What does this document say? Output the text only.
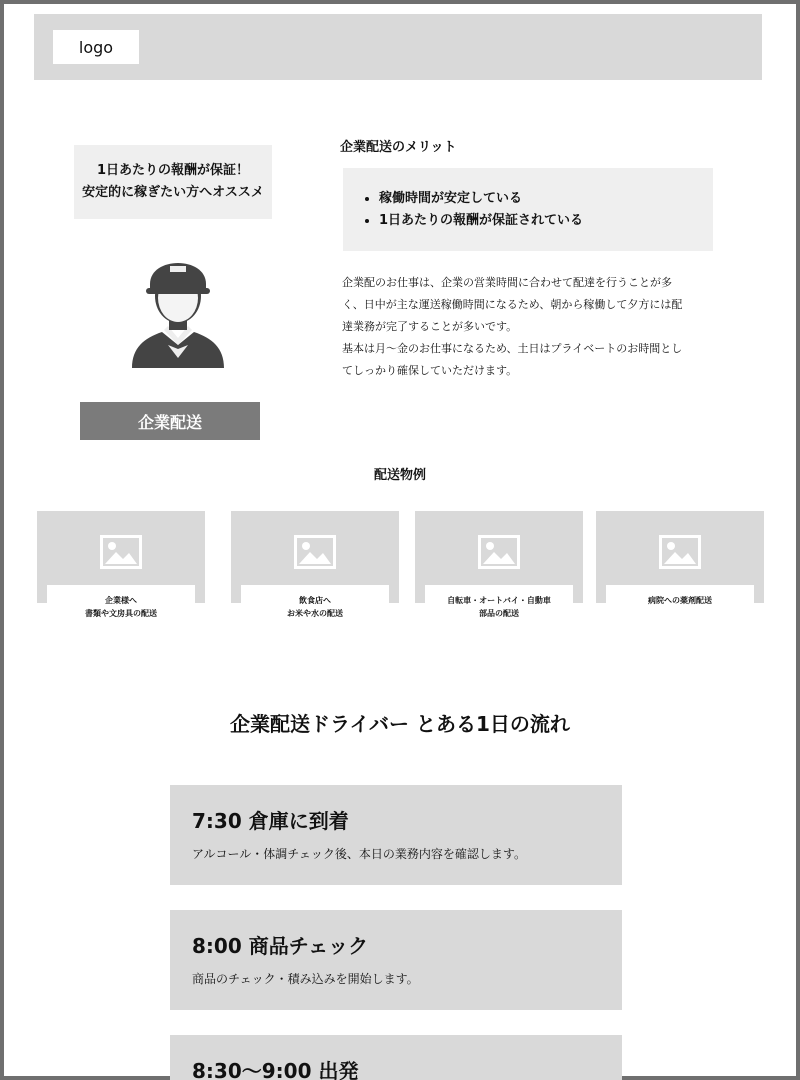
logo
1日あたりの報酬が保証！
安定的に稼ぎたい方へオススメ
企業配送
企業配送のメリット
• 稼働時間が安定している
• 1日あたりの報酬が保証されている

企業配のお仕事は、企業の営業時間に合わせて配達を行うことが多

く、日中が主な運送稼働時間になるため、朝から稼働して夕方には配

達業務が完了することが多いです。

基本は月～金のお仕事になるため、土日はプライベートのお時間とし

てしっかり確保していただけます。

配送物例
企業様へ
書類や文房具の配送
飲食店へ
お米や水の配送
自転車・オートバイ・自動車
部品の配送
病院への薬剤配送
企業配送ドライバー とある1日の流れ
7:30 倉庫に到着
アルコール・体調チェック後、本日の業務内容を確認します。
8:00 商品チェック
商品のチェック・積み込みを開始します。
8:30～9:00 出発
